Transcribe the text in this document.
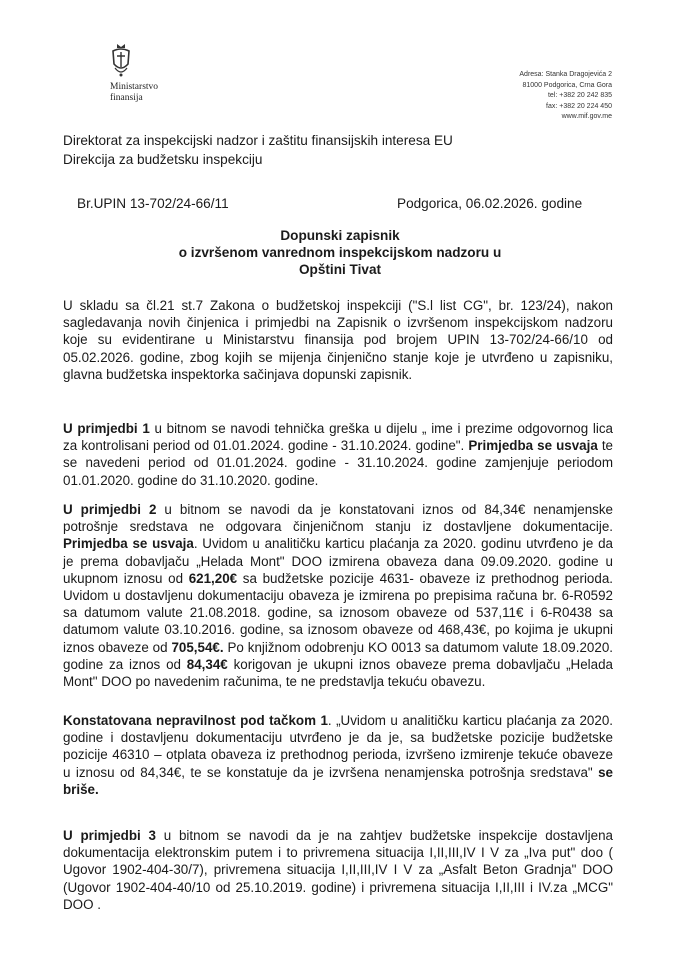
Ministarstvo
finansija
Adresa: Stanka Dragojevića 2
81000 Podgorica, Crna Gora
tel: +382 20 242 835
fax: +382 20 224 450
www.mif.gov.me
Direktorat za inspekcijski nadzor i zaštitu finansijskih interesa EU
Direkcija za budžetsku inspekciju
Br.UPIN 13-702/24-66/11	Podgorica, 06.02.2026. godine
Dopunski zapisnik
o izvršenom vanrednom inspekcijskom nadzoru u
Opštini Tivat
U skladu sa čl.21 st.7 Zakona o budžetskoj inspekciji ("S.l list CG", br. 123/24), nakon sagledavanja novih činjenica i primjedbi na Zapisnik o izvršenom inspekcijskom nadzoru koje su evidentirane u Ministarstvu finansija pod brojem UPIN 13-702/24-66/10 od 05.02.2026. godine, zbog kojih se mijenja činjenično stanje koje je utvrđeno u zapisniku, glavna budžetska inspektorka sačinjava dopunski zapisnik.
U primjedbi 1 u bitnom se navodi tehnička greška u dijelu „ ime i prezime odgovornog lica za kontrolisani period od 01.01.2024. godine - 31.10.2024. godine". Primjedba se usvaja te se navedeni period od 01.01.2024. godine - 31.10.2024. godine zamjenjuje periodom 01.01.2020. godine do 31.10.2020. godine.
U primjedbi 2 u bitnom se navodi da je konstatovani iznos od 84,34€ nenamjenske potrošnje sredstava ne odgovara činjeničnom stanju iz dostavljene dokumentacije. Primjedba se usvaja. Uvidom u analitičku karticu plaćanja za 2020. godinu utvrđeno je da je prema dobavljaču „Helada Mont" DOO izmirena obaveza dana 09.09.2020. godine u ukupnom iznosu od 621,20€ sa budžetske pozicije 4631- obaveze iz prethodnog perioda. Uvidom u dostavljenu dokumentaciju obaveza je izmirena po prepisima računa br. 6-R0592 sa datumom valute 21.08.2018. godine, sa iznosom obaveze od 537,11€ i 6-R0438 sa datumom valute 03.10.2016. godine, sa iznosom obaveze od 468,43€, po kojima je ukupni iznos obaveze od 705,54€. Po knjižnom odobrenju KO 0013 sa datumom valute 18.09.2020. godine za iznos od 84,34€ korigovan je ukupni iznos obaveze prema dobavljaču „Helada Mont" DOO po navedenim računima, te ne predstavlja tekuću obavezu.
Konstatovana nepravilnost pod tačkom 1. „Uvidom u analitičku karticu plaćanja za 2020. godine i dostavljenu dokumentaciju utvrđeno je da je, sa budžetske pozicije budžetske pozicije 46310 – otplata obaveza iz prethodnog perioda, izvršeno izmirenje tekuće obaveze u iznosu od 84,34€, te se konstatuje da je izvršena nenamjenska potrošnja sredstava" se briše.
U primjedbi 3 u bitnom se navodi da je na zahtjev budžetske inspekcije dostavljena dokumentacija elektronskim putem i to privremena situacija I,II,III,IV I V za „Iva put" doo ( Ugovor 1902-404-30/7), privremena situacija I,II,III,IV I V za „Asfalt Beton Gradnja" DOO (Ugovor 1902-404-40/10 od 25.10.2019. godine) i privremena situacija I,II,III i IV.za „MCG" DOO .
